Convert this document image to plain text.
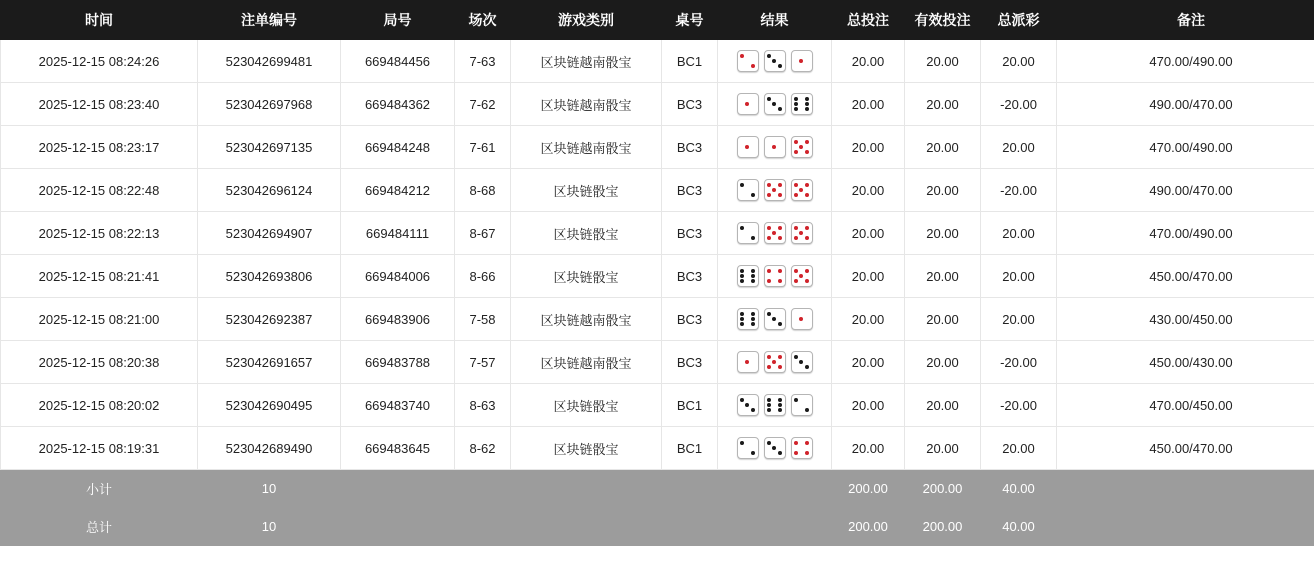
时间	注单编号	局号	场次	游戏类别	桌号	结果	总投注	有效投注	总派彩	备注
2025-12-15 08:24:26	523042699481	669484456	7-63	区块链越南骰宝	BC1		20.00	20.00	20.00	470.00/490.00
2025-12-15 08:23:40	523042697968	669484362	7-62	区块链越南骰宝	BC3		20.00	20.00	-20.00	490.00/470.00
2025-12-15 08:23:17	523042697135	669484248	7-61	区块链越南骰宝	BC3		20.00	20.00	20.00	470.00/490.00
2025-12-15 08:22:48	523042696124	669484212	8-68	区块链骰宝	BC3		20.00	20.00	-20.00	490.00/470.00
2025-12-15 08:22:13	523042694907	669484111	8-67	区块链骰宝	BC3		20.00	20.00	20.00	470.00/490.00
2025-12-15 08:21:41	523042693806	669484006	8-66	区块链骰宝	BC3		20.00	20.00	20.00	450.00/470.00
2025-12-15 08:21:00	523042692387	669483906	7-58	区块链越南骰宝	BC3		20.00	20.00	20.00	430.00/450.00
2025-12-15 08:20:38	523042691657	669483788	7-57	区块链越南骰宝	BC3		20.00	20.00	-20.00	450.00/430.00
2025-12-15 08:20:02	523042690495	669483740	8-63	区块链骰宝	BC1		20.00	20.00	-20.00	470.00/450.00
2025-12-15 08:19:31	523042689490	669483645	8-62	区块链骰宝	BC1		20.00	20.00	20.00	450.00/470.00
小计	10						200.00	200.00	40.00	
总计	10						200.00	200.00	40.00	
